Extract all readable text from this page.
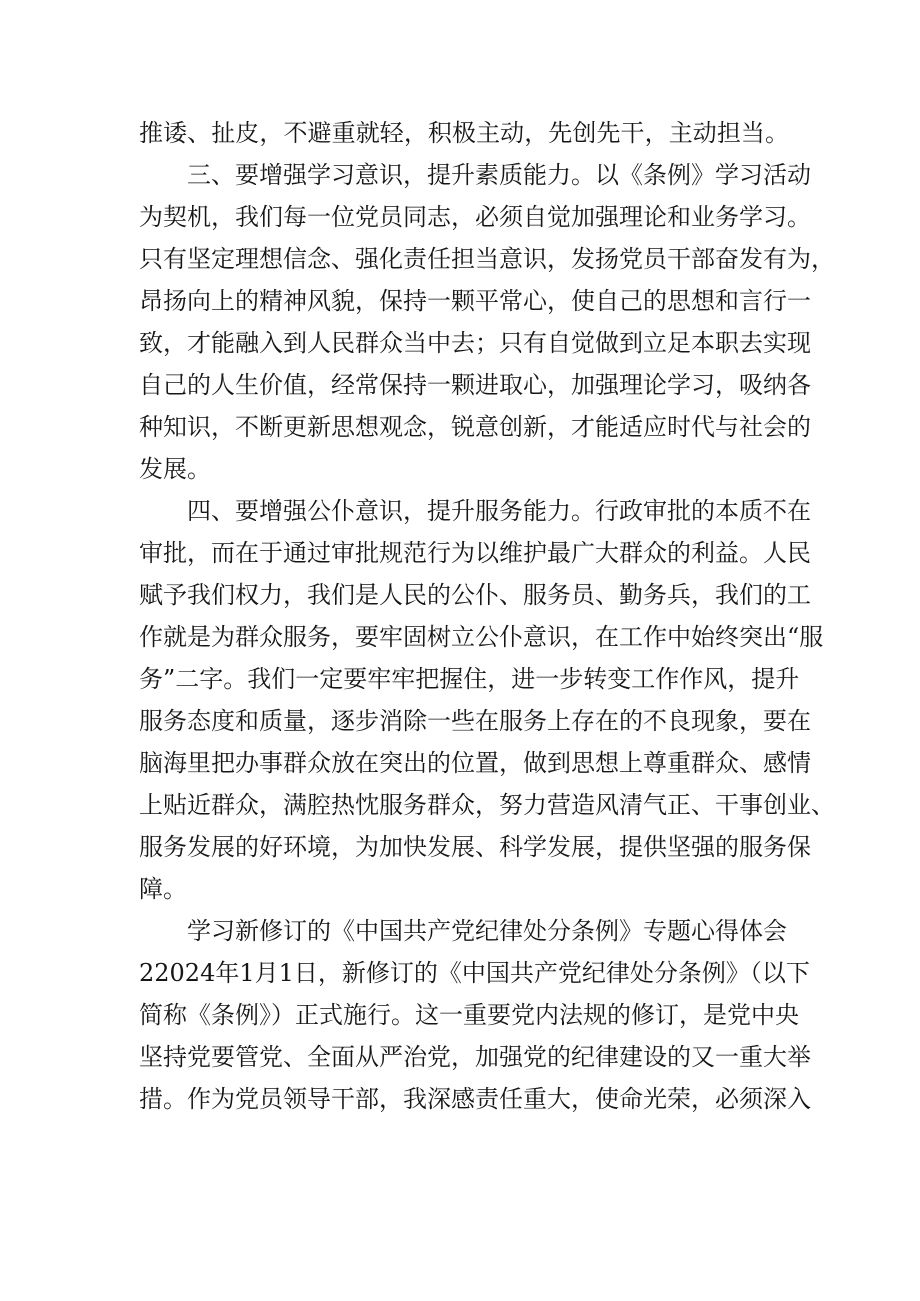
推诿、扯皮，不避重就轻，积极主动，先创先干，主动担当。
三、要增强学习意识，提升素质能力。以《条例》学习活动
为契机，我们每一位党员同志，必须自觉加强理论和业务学习。
只有坚定理想信念、强化责任担当意识，发扬党员干部奋发有为，
昂扬向上的精神风貌，保持一颗平常心，使自己的思想和言行一
致，才能融入到人民群众当中去；只有自觉做到立足本职去实现
自己的人生价值，经常保持一颗进取心，加强理论学习，吸纳各
种知识，不断更新思想观念，锐意创新，才能适应时代与社会的
发展。
四、要增强公仆意识，提升服务能力。行政审批的本质不在
审批，而在于通过审批规范行为以维护最广大群众的利益。人民
赋予我们权力，我们是人民的公仆、服务员、勤务兵，我们的工
作就是为群众服务，要牢固树立公仆意识，在工作中始终突出“服
务”二字。我们一定要牢牢把握住，进一步转变工作作风，提升
服务态度和质量，逐步消除一些在服务上存在的不良现象，要在
脑海里把办事群众放在突出的位置，做到思想上尊重群众、感情
上贴近群众，满腔热忱服务群众，努力营造风清气正、干事创业、
服务发展的好环境，为加快发展、科学发展，提供坚强的服务保
障。
学习新修订的《中国共产党纪律处分条例》专题心得体会
22024年1月1日，新修订的《中国共产党纪律处分条例》（以下
简称《条例》）正式施行。这一重要党内法规的修订，是党中央
坚持党要管党、全面从严治党，加强党的纪律建设的又一重大举
措。作为党员领导干部，我深感责任重大，使命光荣，必须深入
